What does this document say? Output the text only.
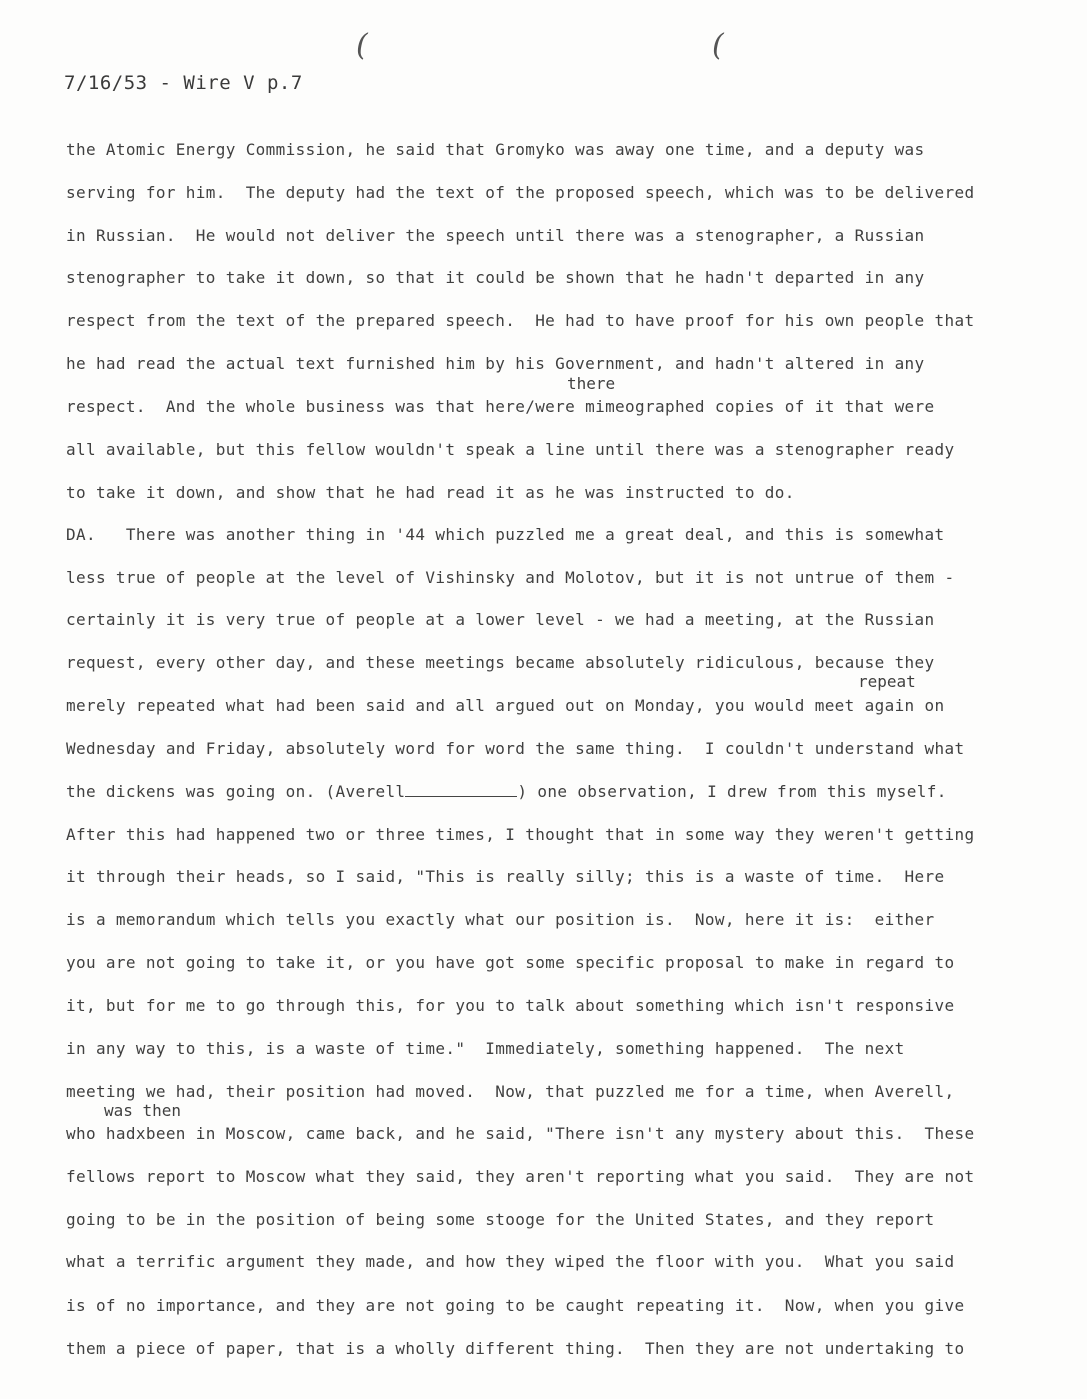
(	(
7/16/53 - Wire V p.7
there
repeat
was then
the Atomic Energy Commission, he said that Gromyko was away one time, and a deputy was
serving for him.  The deputy had the text of the proposed speech, which was to be delivered
in Russian.  He would not deliver the speech until there was a stenographer, a Russian
stenographer to take it down, so that it could be shown that he hadn't departed in any
respect from the text of the prepared speech.  He had to have proof for his own people that
he had read the actual text furnished him by his Government, and hadn't altered in any
respect.  And the whole business was that here/were mimeographed copies of it that were
all available, but this fellow wouldn't speak a line until there was a stenographer ready
to take it down, and show that he had read it as he was instructed to do.
DA.   There was another thing in '44 which puzzled me a great deal, and this is somewhat
less true of people at the level of Vishinsky and Molotov, but it is not untrue of them -
certainly it is very true of people at a lower level - we had a meeting, at the Russian
request, every other day, and these meetings became absolutely ridiculous, because they
merely repeated what had been said and all argued out on Monday, you would meet again on
Wednesday and Friday, absolutely word for word the same thing.  I couldn't understand what
the dickens was going on. (Averell	) one observation, I drew from this myself.
After this had happened two or three times, I thought that in some way they weren't getting
it through their heads, so I said, "This is really silly; this is a waste of time.  Here
is a memorandum which tells you exactly what our position is.  Now, here it is:  either
you are not going to take it, or you have got some specific proposal to make in regard to
it, but for me to go through this, for you to talk about something which isn't responsive
in any way to this, is a waste of time."  Immediately, something happened.  The next
meeting we had, their position had moved.  Now, that puzzled me for a time, when Averell,
who hadxbeen in Moscow, came back, and he said, "There isn't any mystery about this.  These
fellows report to Moscow what they said, they aren't reporting what you said.  They are not
going to be in the position of being some stooge for the United States, and they report
what a terrific argument they made, and how they wiped the floor with you.  What you said
is of no importance, and they are not going to be caught repeating it.  Now, when you give
them a piece of paper, that is a wholly different thing.  Then they are not undertaking to
